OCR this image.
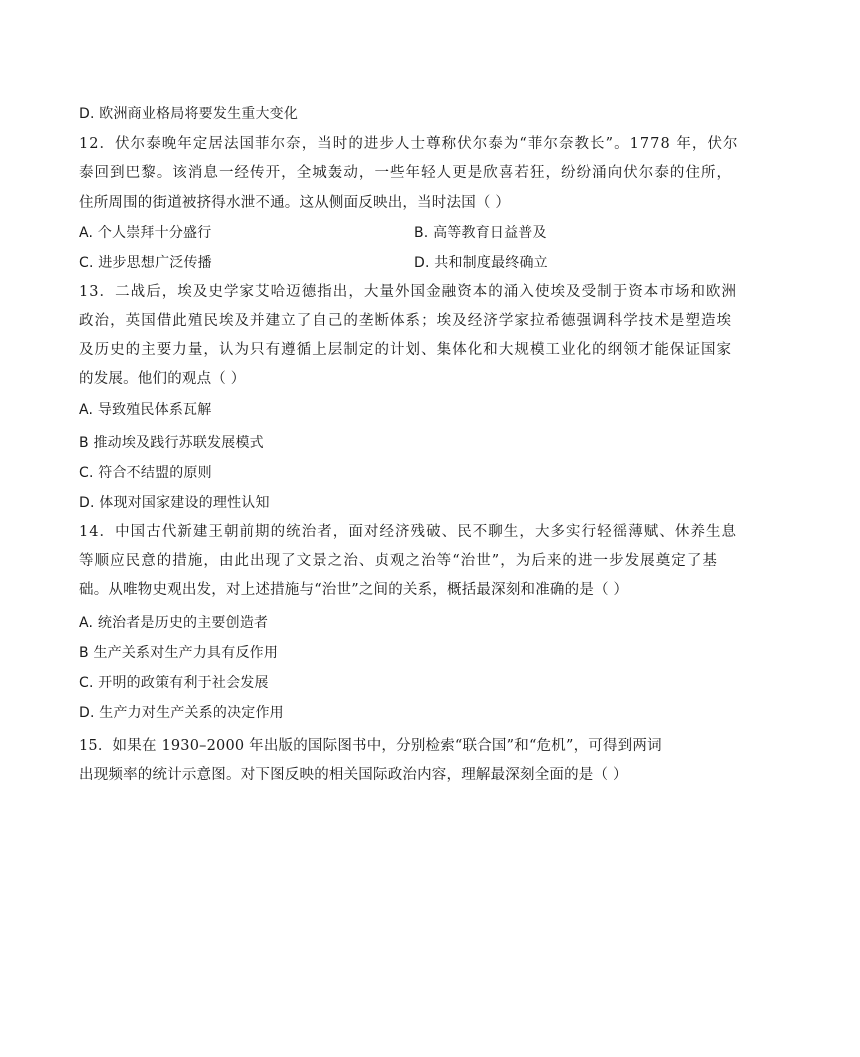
D. 欧洲商业格局将要发生重大变化
12．伏尔泰晚年定居法国菲尔奈，当时的进步人士尊称伏尔泰为“菲尔奈教长”。1778 年，伏尔
泰回到巴黎。该消息一经传开，全城轰动，一些年轻人更是欣喜若狂，纷纷涌向伏尔泰的住所，
住所周围的街道被挤得水泄不通。这从侧面反映出，当时法国（ ）
A. 个人崇拜十分盛行	B. 高等教育日益普及
C. 进步思想广泛传播	D. 共和制度最终确立
13．二战后，埃及史学家艾哈迈德指出，大量外国金融资本的涌入使埃及受制于资本市场和欧洲
政治，英国借此殖民埃及并建立了自己的垄断体系；埃及经济学家拉希德强调科学技术是塑造埃
及历史的主要力量，认为只有遵循上层制定的计划、集体化和大规模工业化的纲领才能保证国家
的发展。他们的观点（ ）
A. 导致殖民体系瓦解
B 推动埃及践行苏联发展模式
C. 符合不结盟的原则
D. 体现对国家建设的理性认知
14．中国古代新建王朝前期的统治者，面对经济残破、民不聊生，大多实行轻徭薄赋、休养生息
等顺应民意的措施，由此出现了文景之治、贞观之治等“治世”，为后来的进一步发展奠定了基
础。从唯物史观出发，对上述措施与“治世”之间的关系，概括最深刻和准确的是（ ）
A. 统治者是历史的主要创造者
B 生产关系对生产力具有反作用
C. 开明的政策有利于社会发展
D. 生产力对生产关系的决定作用
15．如果在 1930–2000 年出版的国际图书中，分别检索“联合国”和“危机”，可得到两词
出现频率的统计示意图。对下图反映的相关国际政治内容，理解最深刻全面的是（ ）
